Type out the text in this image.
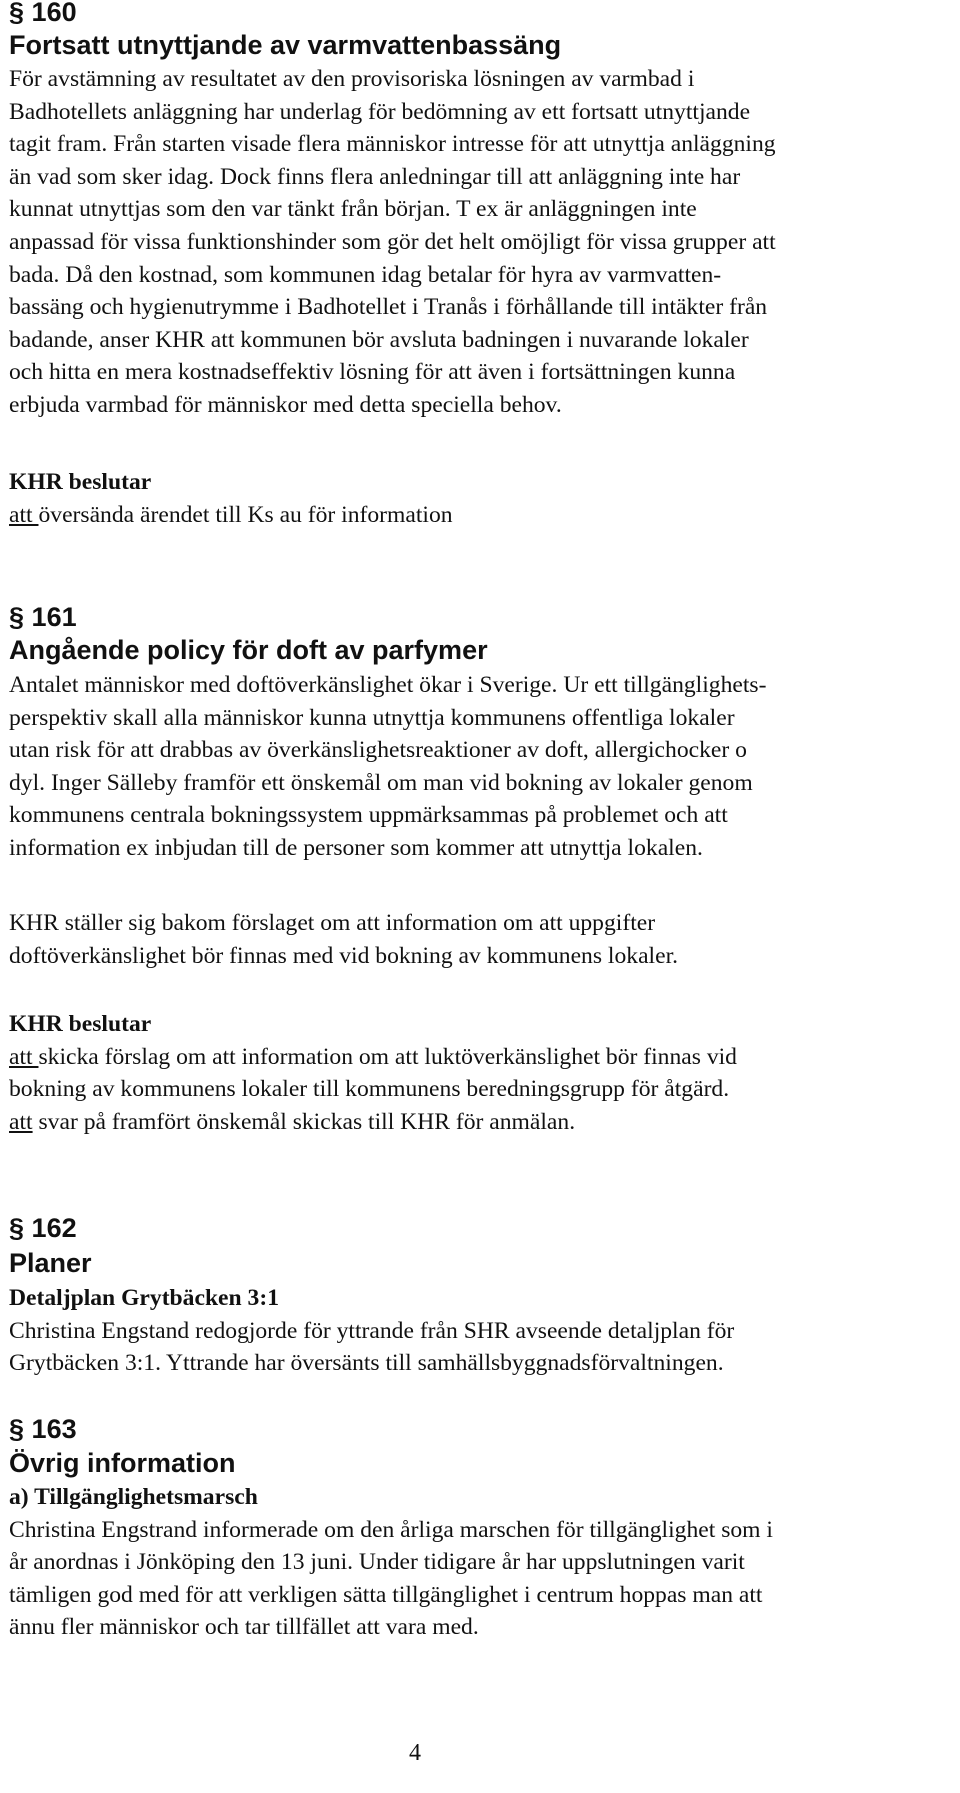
§ 160
Fortsatt utnyttjande av varmvattenbassäng

För avstämning av resultatet av den provisoriska lösningen av varmbad i

Badhotellets anläggning har underlag för bedömning av ett fortsatt utnyttjande

tagit fram. Från starten visade flera människor intresse för att utnyttja anläggning

än vad som sker idag. Dock finns flera anledningar till att anläggning inte har

kunnat utnyttjas som den var tänkt från början. T ex är anläggningen inte

anpassad för vissa funktionshinder som gör det helt omöjligt för vissa grupper att

bada. Då den kostnad, som kommunen idag betalar för hyra av varmvatten-

bassäng och hygienutrymme i Badhotellet i Tranås i förhållande till intäkter från

badande, anser KHR att kommunen bör avsluta badningen i nuvarande lokaler

och hitta en mera kostnadseffektiv lösning för att även i fortsättningen kunna

erbjuda varmbad för människor med detta speciella behov.

KHR beslutar

att översända ärendet till Ks au för information

§ 161
Angående policy för doft av parfymer

Antalet människor med doftöverkänslighet ökar i Sverige. Ur ett tillgänglighets-

perspektiv skall alla människor kunna utnyttja kommunens offentliga lokaler

utan risk för att drabbas av överkänslighetsreaktioner av doft, allergichocker o

dyl. Inger Sälleby framför ett önskemål om man vid bokning av lokaler genom

kommunens centrala bokningssystem uppmärksammas på problemet och att

information ex inbjudan till de personer som kommer att utnyttja lokalen.

KHR ställer sig bakom förslaget om att information om att uppgifter

doftöverkänslighet bör finnas med vid bokning av kommunens lokaler.

KHR beslutar

att skicka förslag om att information om att luktöverkänslighet bör finnas vid

bokning av kommunens lokaler till kommunens beredningsgrupp för åtgärd.

att svar på framfört önskemål skickas till KHR för anmälan.

§ 162
Planer

Detaljplan Grytbäcken 3:1

Christina Engstand redogjorde för yttrande från SHR avseende detaljplan för

Grytbäcken 3:1. Yttrande har översänts till samhällsbyggnadsförvaltningen.

§ 163
Övrig information

a) Tillgänglighetsmarsch

Christina Engstrand informerade om den årliga marschen för tillgänglighet som i

år anordnas i Jönköping den 13 juni. Under tidigare år har uppslutningen varit

tämligen god med för att verkligen sätta tillgänglighet i centrum hoppas man att

ännu fler människor och tar tillfället att vara med.

4
